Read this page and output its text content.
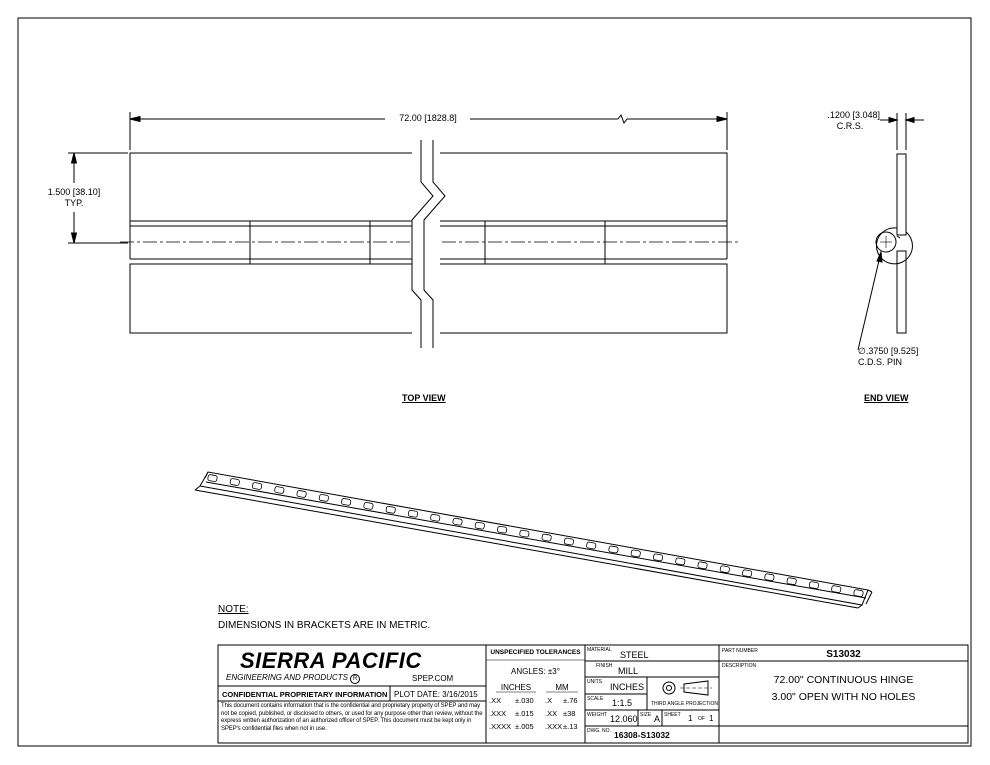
72.00 [1828.8]
1.500 [38.10]
TYP.
.1200 [3.048]
C.R.S.
∅.3750 [9.525]
C.D.S. PIN
TOP VIEW	END VIEW
NOTE:
DIMENSIONS IN BRACKETS ARE IN METRIC.
SIERRA PACIFIC
ENGINEERING AND PRODUCTS R	SPEP.COM
CONFIDENTIAL PROPRIETARY INFORMATION PLOT DATE: 3/16/2015
This document contains information that is the confidential and proprietary property of SPEP and may not be copied, published, or disclosed to others, or used for any purpose other than review, without the express written authorization of an authorized officer of SPEP. This document must be kept only in SPEP's confidential files when not in use.
UNSPECIFIED TOLERANCES
ANGLES: ±3°
INCHES	MM
.XX	±.030	.X	±.76
.XXX	±.015	.XX ±38
.XXXX ±.005	.XXX ±.13
MATERIAL STEEL
FINISH MILL
UNITS INCHES
SCALE 1:1.5	THIRD ANGLE PROJECTION
WEIGHT 12.060 SIZE A SHEET 1 OF 1
DWG. NO. 16308-S13032
PART NUMBER	S13032
DESCRIPTION
72.00" CONTINUOUS HINGE
3.00" OPEN WITH NO HOLES
